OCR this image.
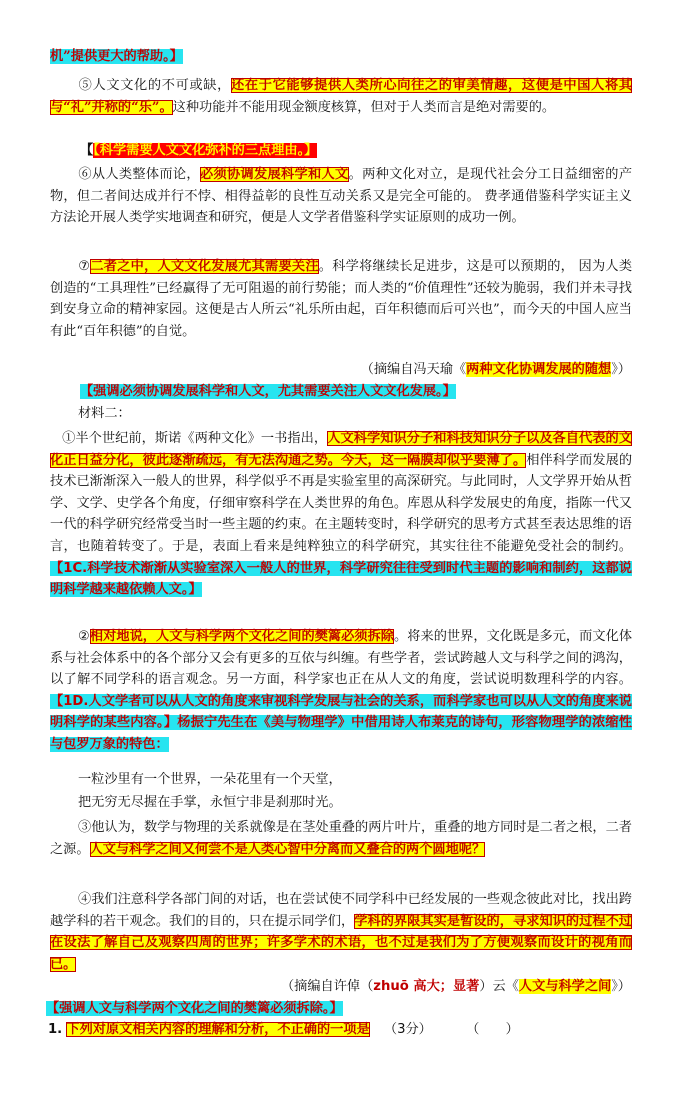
机”提供更大的帮助。】
⑤人文文化的不可或缺，还在于它能够提供人类所心向往之的审美情趣，这便是中国人将其与“礼”并称的“乐”。这种功能并不能用现金额度核算，但对于人类而言是绝对需要的。
【【科学需要人文文化弥补的三点理由。】
⑥从人类整体而论，必须协调发展科学和人文。两种文化对立，是现代社会分工日益细密的产物，但二者间达成并行不悖、相得益彰的良性互动关系又是完全可能的。 费孝通借鉴科学实证主义方法论开展人类学实地调查和研究，便是人文学者借鉴科学实证原则的成功一例。
⑦二者之中，人文文化发展尤其需要关注。科学将继续长足进步，这是可以预期的， 因为人类创造的“工具理性”已经赢得了无可阻遏的前行势能；而人类的“价值理性”还较为脆弱，我们并未寻找到安身立命的精神家园。这便是古人所云“礼乐所由起，百年积德而后可兴也”，而今天的中国人应当有此“百年积德”的自觉。
（摘编自冯天瑜《两种文化协调发展的随想》）
【强调必须协调发展科学和人文，尤其需要关注人文文化发展。】
材料二：
①半个世纪前，斯诺《两种文化》一书指出，人文科学知识分子和科技知识分子以及各自代表的文化正日益分化，彼此逐渐疏远，有无法沟通之势。今天，这一隔膜却似乎要薄了。相伴科学而发展的技术已渐渐深入一般人的世界，科学似乎不再是实验室里的高深研究。与此同时，人文学界开始从哲学、文学、史学各个角度，仔细审察科学在人类世界的角色。库恩从科学发展史的角度，指陈一代又一代的科学研究经常受当时一些主题的约束。在主题转变时，科学研究的思考方式甚至表达思维的语言，也随着转变了。于是，表面上看来是纯粹独立的科学研究，其实往往不能避免受社会的制约。【1C.科学技术渐渐从实验室深入一般人的世界，科学研究往往受到时代主题的影响和制约，这都说明科学越来越依赖人文。】
②相对地说，人文与科学两个文化之间的樊篱必须拆除。将来的世界，文化既是多元，而文化体系与社会体系中的各个部分又会有更多的互依与纠缠。有些学者，尝试跨越人文与科学之间的鸿沟，以了解不同学科的语言观念。另一方面，科学家也正在从人文的角度，尝试说明数理科学的内容。【1D.人文学者可以从人文的角度来审视科学发展与社会的关系，而科学家也可以从人文的角度来说明科学的某些内容。】杨振宁先生在《美与物理学》中借用诗人布莱克的诗句，形容物理学的浓缩性与包罗万象的特色：
一粒沙里有一个世界，一朵花里有一个天堂，
把无穷无尽握在手掌，永恒宁非是刹那时光。
③他认为，数学与物理的关系就像是在茎处重叠的两片叶片，重叠的地方同时是二者之根，二者之源。人文与科学之间又何尝不是人类心智中分离而又叠合的两个圆地呢？
④我们注意科学各部门间的对话，也在尝试使不同学科中已经发展的一些观念彼此对比，找出跨越学科的若干观念。我们的目的，只在提示同学们，学科的界限其实是暂设的，寻求知识的过程不过在设法了解自己及观察四周的世界；许多学术的术语，也不过是我们为了方便观察而设计的视角而已。
（摘编自许倬（zhuō 高大；显著）云《人文与科学之间》）
【强调人文与科学两个文化之间的樊篱必须拆除。】
1. 下列对原文相关内容的理解和分析，不正确的一项是 （3分）	（　　）
